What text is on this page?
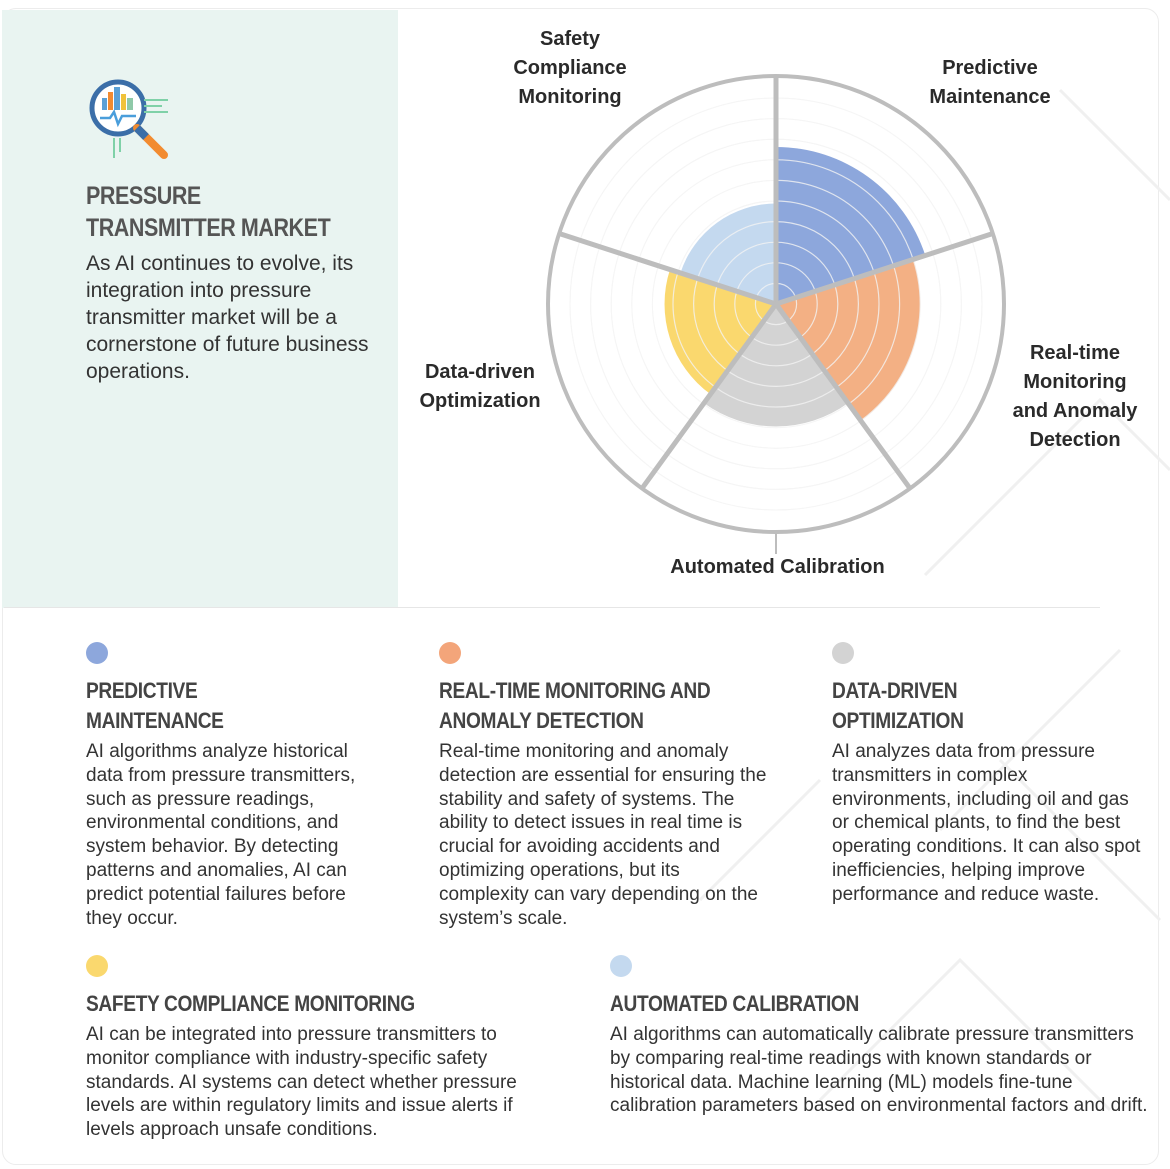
PRESSURE
TRANSMITTER MARKET
As AI continues to evolve, its integration into pressure transmitter market will be a cornerstone of future business operations.
Safety
Compliance
Monitoring
Predictive
Maintenance
Real-time
Monitoring
and Anomaly
Detection
Data-driven
Optimization
Automated Calibration
PREDICTIVE
MAINTENANCE
AI algorithms analyze historical data from pressure transmitters, such as pressure readings, environmental conditions, and system behavior. By detecting patterns and anomalies, AI can predict potential failures before they occur.
REAL-TIME MONITORING AND
ANOMALY DETECTION
Real-time monitoring and anomaly detection are essential for ensuring the stability and safety of systems. The ability to detect issues in real time is crucial for avoiding accidents and optimizing operations, but its complexity can vary depending on the system’s scale.
DATA-DRIVEN
OPTIMIZATION
AI analyzes data from pressure transmitters in complex environments, including oil and gas or chemical plants, to find the best operating conditions. It can also spot inefficiencies, helping improve performance and reduce waste.
SAFETY COMPLIANCE MONITORING
AI can be integrated into pressure transmitters to monitor compliance with industry-specific safety standards. AI systems can detect whether pressure levels are within regulatory limits and issue alerts if levels approach unsafe conditions.
AUTOMATED CALIBRATION
AI algorithms can automatically calibrate pressure transmitters by comparing real-time readings with known standards or historical data. Machine learning (ML) models fine-tune calibration parameters based on environmental factors and drift.
